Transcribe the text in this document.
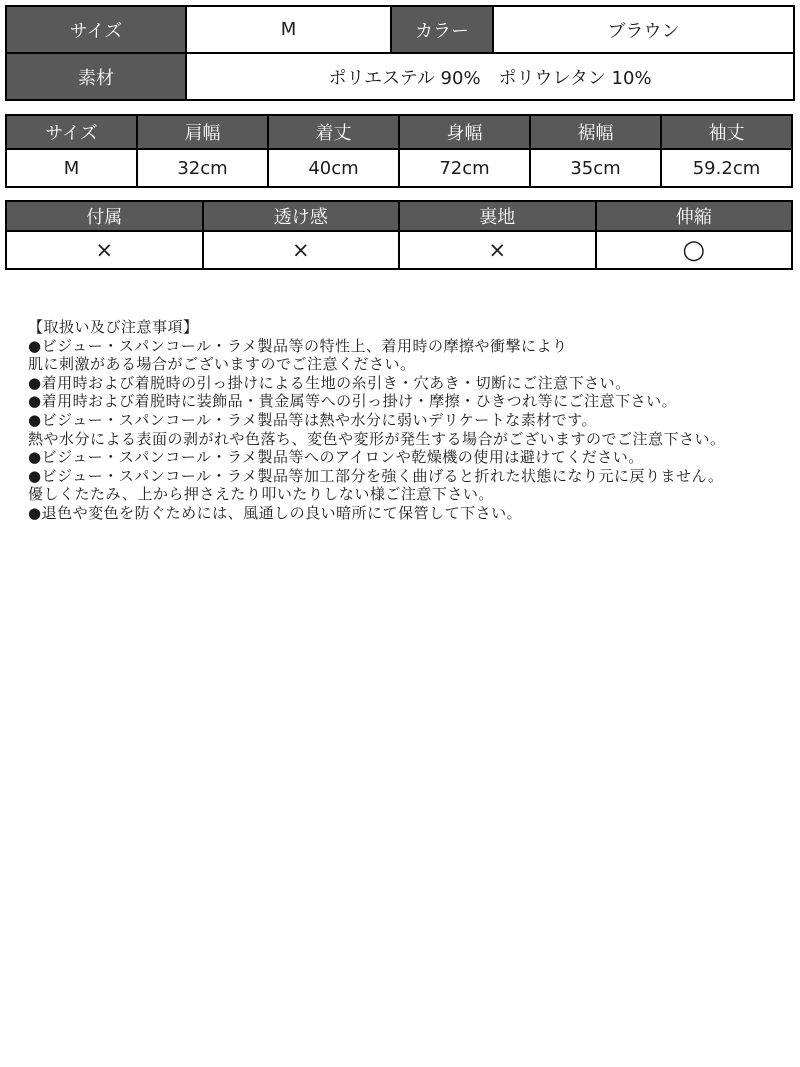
サイズ	M	カラー	ブラウン
素材	ポリエステル 90%　ポリウレタン 10%		
サイズ	肩幅	着丈	身幅	裾幅	袖丈
M	32cm	40cm	72cm	35cm	59.2cm
付属	透け感	裏地	伸縮
×	×	×	○
【取扱い及び注意事項】
●ビジュー・スパンコール・ラメ製品等の特性上、着用時の摩擦や衝撃により
肌に刺激がある場合がございますのでご注意ください。
●着用時および着脱時の引っ掛けによる生地の糸引き・穴あき・切断にご注意下さい。
●着用時および着脱時に装飾品・貴金属等への引っ掛け・摩擦・ひきつれ等にご注意下さい。
●ビジュー・スパンコール・ラメ製品等は熱や水分に弱いデリケートな素材です。
熱や水分による表面の剥がれや色落ち、変色や変形が発生する場合がございますのでご注意下さい。
●ビジュー・スパンコール・ラメ製品等へのアイロンや乾燥機の使用は避けてください。
●ビジュー・スパンコール・ラメ製品等加工部分を強く曲げると折れた状態になり元に戻りません。
優しくたたみ、上から押さえたり叩いたりしない様ご注意下さい。
●退色や変色を防ぐためには、風通しの良い暗所にて保管して下さい。
